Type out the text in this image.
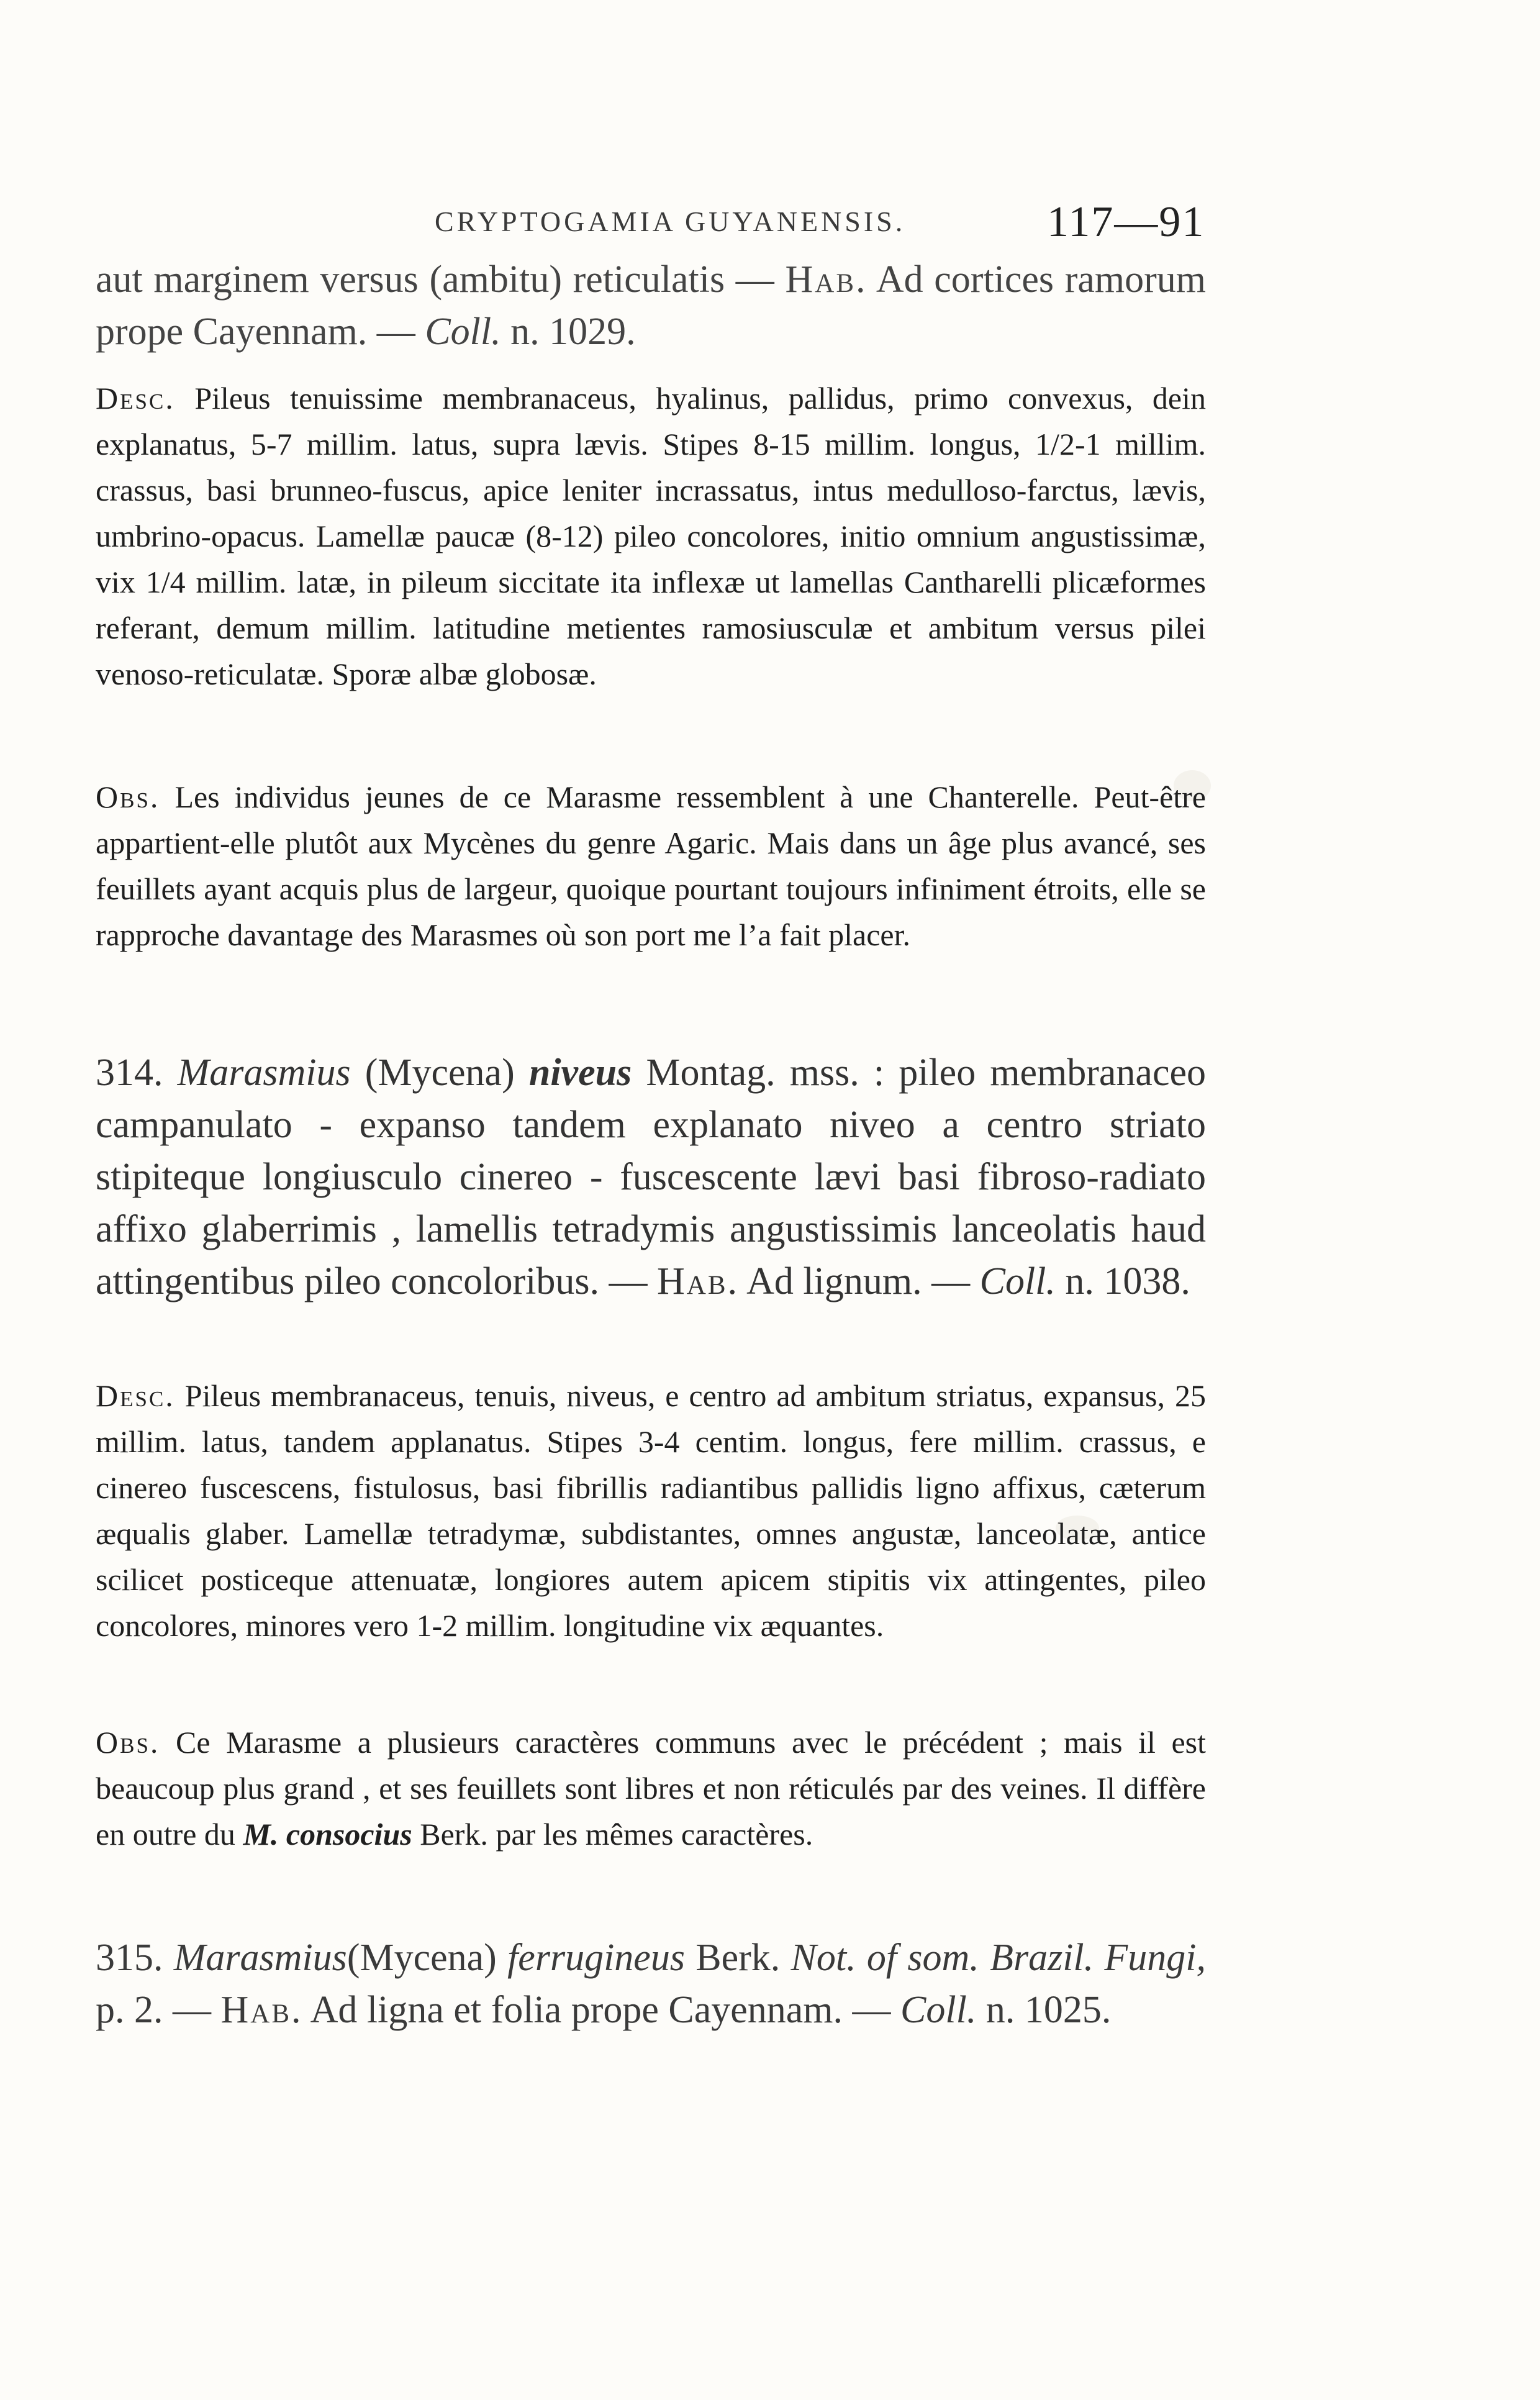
CRYPTOGAMIA GUYANENSIS.	117—91

aut marginem versus (ambitu) reticulatis — Hab. Ad cortices ramorum prope Cayennam. — Coll. n. 1029.

Desc. Pileus tenuissime membranaceus, hyalinus, pallidus, primo convexus, dein explanatus, 5-7 millim. latus, supra lævis. Stipes 8-15 millim. longus, 1/2-1 millim. crassus, basi brunneo-fuscus, apice leniter incrassatus, intus medulloso-farctus, lævis, umbrino-opacus. Lamellæ paucæ (8-12) pileo concolores, initio omnium angustissimæ, vix 1/4 millim. latæ, in pileum siccitate ita inflexæ ut lamellas Cantharelli plicæformes referant, demum millim. latitudine metientes ramosiusculæ et ambitum versus pilei venoso-reticulatæ. Sporæ albæ globosæ.

Obs. Les individus jeunes de ce Marasme ressemblent à une Chanterelle. Peut-être appartient-elle plutôt aux Mycènes du genre Agaric. Mais dans un âge plus avancé, ses feuillets ayant acquis plus de largeur, quoique pourtant toujours infiniment étroits, elle se rapproche davantage des Marasmes où son port me l’a fait placer.

314. Marasmius (Mycena) niveus Montag. mss. : pileo membranaceo campanulato - expanso tandem explanato niveo a centro striato stipiteque longiusculo cinereo - fuscescente lævi basi fibroso-radiato affixo glaberrimis , lamellis tetradymis angustissimis lanceolatis haud attingentibus pileo concoloribus. — Hab. Ad lignum. — Coll. n. 1038.

Desc. Pileus membranaceus, tenuis, niveus, e centro ad ambitum striatus, expansus, 25 millim. latus, tandem applanatus. Stipes 3-4 centim. longus, fere millim. crassus, e cinereo fuscescens, fistulosus, basi fibrillis radiantibus pallidis ligno affixus, cæterum æqualis glaber. Lamellæ tetradymæ, subdistantes, omnes angustæ, lanceolatæ, antice scilicet posticeque attenuatæ, longiores autem apicem stipitis vix attingentes, pileo concolores, minores vero 1-2 millim. longitudine vix æquantes.

Obs. Ce Marasme a plusieurs caractères communs avec le précédent ; mais il est beaucoup plus grand , et ses feuillets sont libres et non réticulés par des veines. Il diffère en outre du M. consocius Berk. par les mêmes caractères.

315. Marasmius(Mycena) ferrugineus Berk. Not. of som. Brazil. Fungi, p. 2. — Hab. Ad ligna et folia prope Cayennam. — Coll. n. 1025.
